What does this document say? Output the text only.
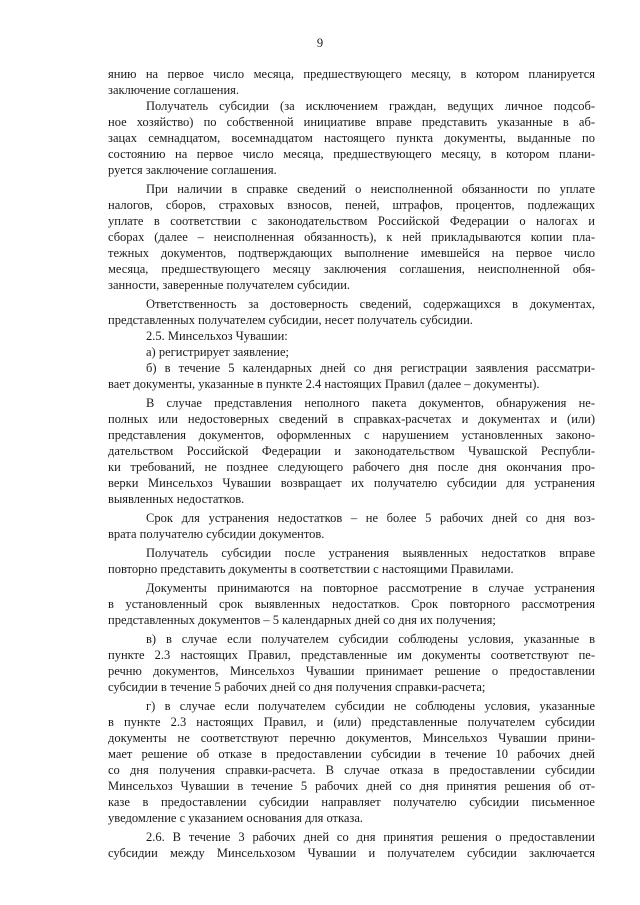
9
янию на первое число месяца, предшествующего месяцу, в котором планируется
заключение соглашения.
Получатель субсидии (за исключением граждан, ведущих личное подсоб-
ное хозяйство) по собственной инициативе вправе представить указанные в аб-
зацах семнадцатом, восемнадцатом настоящего пункта документы, выданные по
состоянию на первое число месяца, предшествующего месяцу, в котором плани-
руется заключение соглашения.
При наличии в справке сведений о неисполненной обязанности по уплате
налогов, сборов, страховых взносов, пеней, штрафов, процентов, подлежащих
уплате в соответствии с законодательством Российской Федерации о налогах и
сборах (далее – неисполненная обязанность), к ней прикладываются копии пла-
тежных документов, подтверждающих выполнение имевшейся на первое число
месяца, предшествующего месяцу заключения соглашения, неисполненной обя-
занности, заверенные получателем субсидии.
Ответственность за достоверность сведений, содержащихся в документах,
представленных получателем субсидии, несет получатель субсидии.
2.5. Минсельхоз Чувашии:
а) регистрирует заявление;
б) в течение 5 календарных дней со дня регистрации заявления рассматри-
вает документы, указанные в пункте 2.4 настоящих Правил (далее – документы).
В случае представления неполного пакета документов, обнаружения не-
полных или недостоверных сведений в справках-расчетах и документах и (или)
представления документов, оформленных с нарушением установленных законо-
дательством Российской Федерации и законодательством Чувашской Республи-
ки требований, не позднее следующего рабочего дня после дня окончания про-
верки Минсельхоз Чувашии возвращает их получателю субсидии для устранения
выявленных недостатков.
Срок для устранения недостатков – не более 5 рабочих дней со дня воз-
врата получателю субсидии документов.
Получатель субсидии после устранения выявленных недостатков вправе
повторно представить документы в соответствии с настоящими Правилами.
Документы принимаются на повторное рассмотрение в случае устранения
в установленный срок выявленных недостатков. Срок повторного рассмотрения
представленных документов – 5 календарных дней со дня их получения;
в) в случае если получателем субсидии соблюдены условия, указанные в
пункте 2.3 настоящих Правил, представленные им документы соответствуют пе-
речню документов, Минсельхоз Чувашии принимает решение о предоставлении
субсидии в течение 5 рабочих дней со дня получения справки-расчета;
г) в случае если получателем субсидии не соблюдены условия, указанные
в пункте 2.3 настоящих Правил, и (или) представленные получателем субсидии
документы не соответствуют перечню документов, Минсельхоз Чувашии прини-
мает решение об отказе в предоставлении субсидии в течение 10 рабочих дней
со дня получения справки-расчета. В случае отказа в предоставлении субсидии
Минсельхоз Чувашии в течение 5 рабочих дней со дня принятия решения об от-
казе в предоставлении субсидии направляет получателю субсидии письменное
уведомление с указанием основания для отказа.
2.6. В течение 3 рабочих дней со дня принятия решения о предоставлении
субсидии между Минсельхозом Чувашии и получателем субсидии заключается
